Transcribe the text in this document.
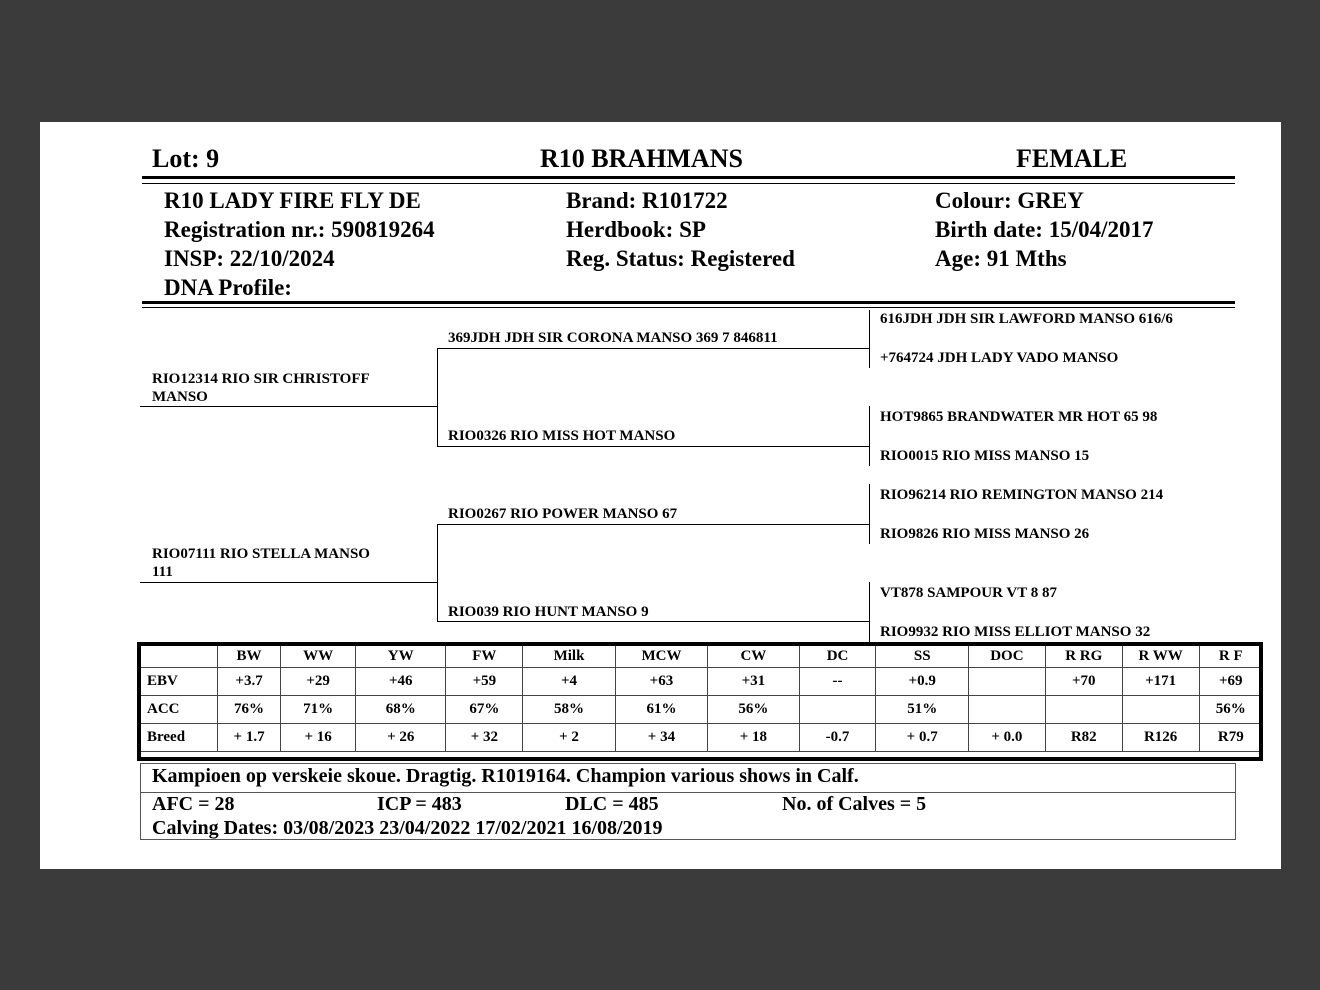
Lot: 9	R10 BRAHMANS	FEMALE
R10 LADY FIRE FLY DE
Registration nr.: 590819264
INSP: 22/10/2024
DNA Profile:
Brand: R101722
Herdbook: SP
Reg. Status: Registered
Colour: GREY
Birth date: 15/04/2017
Age: 91 Mths
RIO12314 RIO SIR CHRISTOFF
MANSO
RIO07111 RIO STELLA MANSO
111
369JDH JDH SIR CORONA MANSO 369 7 846811
RIO0326 RIO MISS HOT MANSO
RIO0267 RIO POWER MANSO 67
RIO039 RIO HUNT MANSO 9
616JDH JDH SIR LAWFORD MANSO 616/6
+764724 JDH LADY VADO MANSO
HOT9865 BRANDWATER MR HOT 65 98
RIO0015 RIO MISS MANSO 15
RIO96214 RIO REMINGTON MANSO 214
RIO9826 RIO MISS MANSO 26
VT878 SAMPOUR VT 8 87
RIO9932 RIO MISS ELLIOT MANSO 32
	BW	WW	YW	FW	Milk	MCW	CW	DC	SS	DOC	R RG	R WW	R F
EBV	+3.7	+29	+46	+59	+4	+63	+31	--	+0.9		+70	+171	+69
ACC	76%	71%	68%	67%	58%	61%	56%		51%				56%
Breed	+ 1.7	+ 16	+ 26	+ 32	+ 2	+ 34	+ 18	-0.7	+ 0.7	+ 0.0	R82	R126	R79
Kampioen op verskeie skoue. Dragtig. R1019164. Champion various shows in Calf.
AFC = 28	ICP = 483	DLC = 485	No. of Calves = 5
Calving Dates: 03/08/2023 23/04/2022 17/02/2021 16/08/2019
